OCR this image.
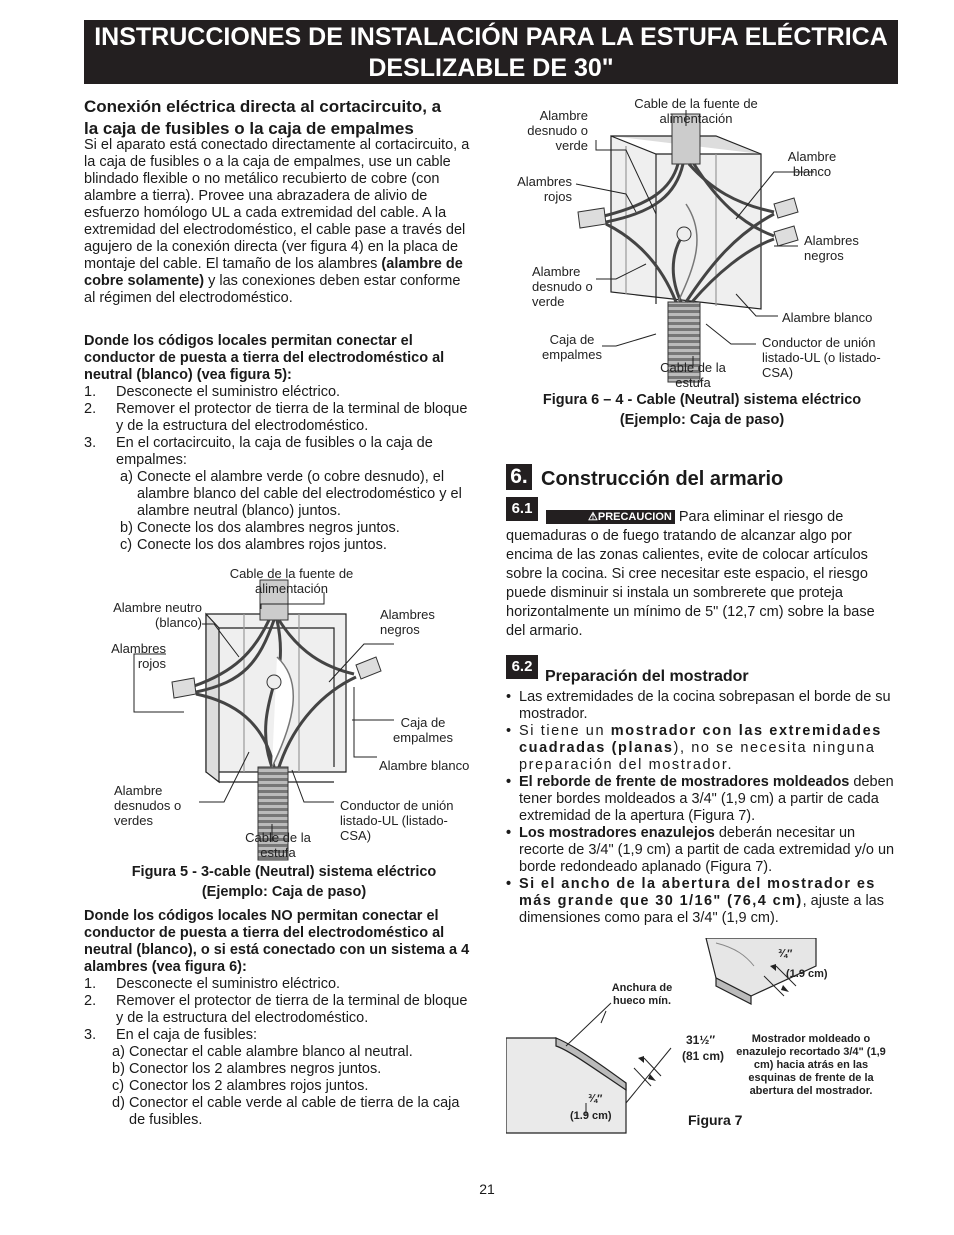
INSTRUCCIONES DE INSTALACIÓN PARA LA ESTUFA ELÉCTRICA
DESLIZABLE DE 30"
Conexión eléctrica directa al cortacircuito, a
la caja de fusibles o la caja de empalmes
Si el aparato está conectado directamente al cortacircuito, a la caja de fusibles o a la caja de empalmes, use un cable blindado flexible o no metálico recubierto de cobre (con alambre a tierra). Provee una abrazadera de alivio de esfuerzo homólogo UL a cada extremidad del cable. A la extremidad del electrodoméstico, el cable pase a través del agujero de la conexión directa (ver figura 4) en la placa de montaje del cable. El tamaño de los alambres (alambre de cobre solamente) y las conexiones deben estar conforme al régimen del electrodoméstico.
Donde los códigos locales permitan conectar el conductor de puesta a tierra del electrodoméstico al neutral (blanco) (vea figura 5):
1. Desconecte el suministro eléctrico.
2. Remover el protector de tierra de la terminal de bloque y de la estructura del electrodoméstico.
3. En el cortacircuito, la caja de fusibles o la caja de empalmes:
a) Conecte el alambre verde (o cobre desnudo), el alambre blanco del cable del electrodoméstico y el alambre neutral (blanco) juntos.
b) Conecte los dos alambres negros juntos.
c) Conecte los dos alambres rojos juntos.
Cable de la fuente de alimentación
Alambre neutro (blanco)
Alambres negros
Alambres rojos
Caja de empalmes
Alambre blanco
Alambre desnudos o verdes
Conductor de unión listado-UL (listado-CSA)
Cable de la estufa
Figura 5 - 3-cable (Neutral) sistema eléctrico
(Ejemplo: Caja de paso)
Donde los códigos locales NO permitan conectar el conductor de puesta a tierra del electrodoméstico al neutral (blanco), o si está conectado con un sistema a 4 alambres (vea figura 6):
1. Desconecte el suministro eléctrico.
2. Remover el protector de tierra de la terminal de bloque y de la estructura del electrodoméstico.
3. En el caja de fusibles:
a) Conectar el cable alambre blanco al neutral.
b) Conector los 2 alambres negros juntos.
c) Conector los 2 alambres rojos juntos.
d) Conector el cable verde al cable de tierra de la caja de fusibles.
Cable de la fuente de alimentación
Alambre desnudo o verde
Alambre blanco
Alambres rojos
Alambres negros
Alambre desnudo o verde
Alambre blanco
Caja de empalmes
Conductor de unión listado-UL (o listado-CSA)
Cable de la estufa
Figura 6 – 4 - Cable (Neutral) sistema eléctrico
(Ejemplo: Caja de paso)
6. Construcción del armario
6.1	⚠PRECAUCION Para eliminar el riesgo de quemaduras o de fuego tratando de alcanzar algo por encima de las zonas calientes, evite de colocar artículos sobre la cocina. Si cree necesitar este espacio, el riesgo puede disminuir si instala un sombrerete que proteja horizontalmente un mínimo de 5" (12,7 cm) sobre la base del armario.
6.2
Preparación del mostrador
• Las extremidades de la cocina sobrepasan el borde de su mostrador.
• Si tiene un mostrador con las extremidades cuadradas (planas), no se necesita ninguna preparación del mostrador.
• El reborde de frente de mostradores moldeados deben tener bordes moldeados a 3/4" (1,9 cm) a partir de cada extremidad de la apertura (Figura 7).
• Los mostradores enazulejos deberán necesitar un recorte de 3/4" (1,9 cm) a partit de cada extremidad y/o un borde redondeado aplanado (Figura 7).
• Si el ancho de la abertura del mostrador es más grande que 30 1/16" (76,4 cm), ajuste a las dimensiones como para el 3/4" (1,9 cm).
¾″
(1.9 cm)
Anchura de hueco mín.
31½″
(81 cm)
Mostrador moldeado o enazulejo recortado 3/4" (1,9 cm) hacia atrás en las esquinas de frente de la abertura del mostrador.
¾″
(1.9 cm)	Figura 7
21
